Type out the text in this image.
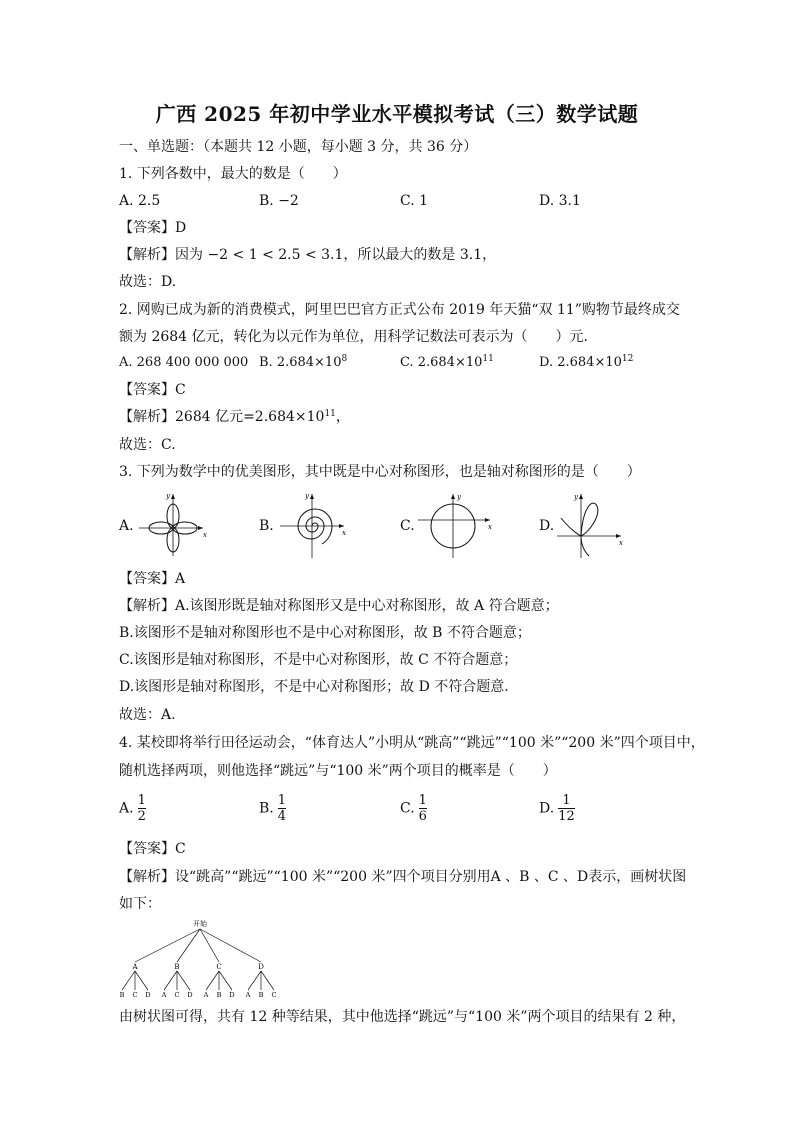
广西 2025 年初中学业水平模拟考试（三）数学试题
一、单选题：（本题共 12 小题，每小题 3 分，共 36 分）
1. 下列各数中，最大的数是（　　）
A. 2.5	B. −2	C. 1	D. 3.1
【答案】D
【解析】因为 −2 < 1 < 2.5 < 3.1，所以最大的数是 3.1，
故选：D.
2. 网购已成为新的消费模式，阿里巴巴官方正式公布 2019 年天猫“双 11”购物节最终成交
额为 2684 亿元，转化为以元作为单位，用科学记数法可表示为（　　）元.
A. 268 400 000 000 B. $2.684\times 10^8$	C. $2.684\times 10^{11}$	D. $2.684\times 10^{12}$
【答案】C
【解析】2684 亿元$=2.684\times 10^{11}$，
故选：C.
3. 下列为数学中的优美图形，其中既是中心对称图形，也是轴对称图形的是（　　）
A.
x
y
B.	x
y
C.	x
y
D.
x
y
【答案】A
【解析】A.该图形既是轴对称图形又是中心对称图形，故 A 符合题意；
B.该图形不是轴对称图形也不是中心对称图形，故 B 不符合题意；
C.该图形是轴对称图形，不是中心对称图形，故 C 不符合题意；
D.该图形是轴对称图形，不是中心对称图形；故 D 不符合题意.
故选：A.
4. 某校即将举行田径运动会，“体育达人”小明从“跳高”“跳远”“100 米”“200 米”四个项目中，
随机选择两项，则他选择“跳远”与“100 米”两个项目的概率是（　　）
A. $\frac{1}{2}$	B. $\frac{1}{4}$	C. $\frac{1}{6}$	D. $\frac{1}{12}$
【答案】C
【解析】设“跳高”“跳远”“100 米”“200 米”四个项目分别用A 、B 、C 、D表示，画树状图
如下：
开始
A
B C D
B
A C D
C
A B D
D
A B C
由树状图可得，共有 12 种等结果，其中他选择“跳远”与“100 米”两个项目的结果有 2 种，
